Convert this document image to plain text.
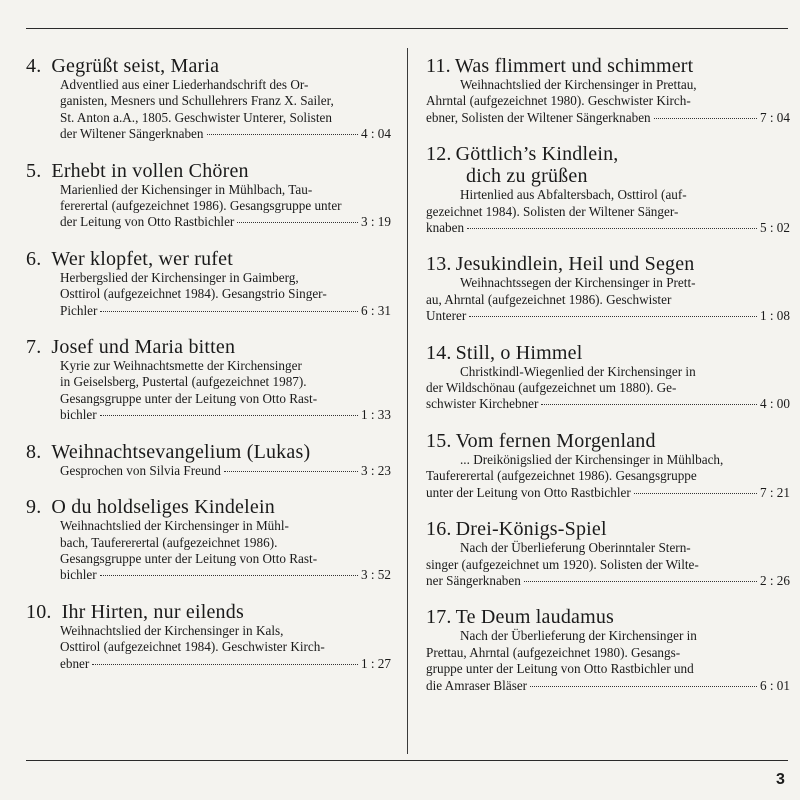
4. Gegrüßt seist, Maria
Adventlied aus einer Liederhandschrift des Or-
ganisten, Mesners und Schullehrers Franz X. Sailer,
St. Anton a.A., 1805. Geschwister Unterer, Solisten
der Wiltener Sängerknaben	4 : 04
5. Erhebt in vollen Chören
Marienlied der Kichensinger in Mühlbach, Tau-
fererertal (aufgezeichnet 1986). Gesangsgruppe unter
der Leitung von Otto Rastbichler	3 : 19
6. Wer klopfet, wer rufet
Herbergslied der Kirchensinger in Gaimberg,
Osttirol (aufgezeichnet 1984). Gesangstrio Singer-
Pichler	6 : 31
7. Josef und Maria bitten
Kyrie zur Weihnachtsmette der Kirchensinger
in Geiselsberg, Pustertal (aufgezeichnet 1987).
Gesangsgruppe unter der Leitung von Otto Rast-
bichler	1 : 33
8. Weihnachtsevangelium (Lukas)
Gesprochen von Silvia Freund	3 : 23
9. O du holdseliges Kindelein
Weihnachtslied der Kirchensinger in Mühl-
bach, Taufererertal (aufgezeichnet 1986).
Gesangsgruppe unter der Leitung von Otto Rast-
bichler	3 : 52
10. Ihr Hirten, nur eilends
Weihnachtslied der Kirchensinger in Kals,
Osttirol (aufgezeichnet 1984). Geschwister Kirch-
ebner	1 : 27
11. Was flimmert und schimmert
Weihnachtslied der Kirchensinger in Prettau,
Ahrntal (aufgezeichnet 1980). Geschwister Kirch-
ebner, Solisten der Wiltener Sängerknaben	7 : 04
12. Göttlich’s Kindlein,
dich zu grüßen
Hirtenlied aus Abfaltersbach, Osttirol (auf-
gezeichnet 1984). Solisten der Wiltener Sänger-
knaben	5 : 02
13. Jesukindlein, Heil und Segen
Weihnachtssegen der Kirchensinger in Prett-
au, Ahrntal (aufgezeichnet 1986). Geschwister
Unterer	1 : 08
14. Still, o Himmel
Christkindl-Wiegenlied der Kirchensinger in
der Wildschönau (aufgezeichnet um 1880). Ge-
schwister Kirchebner	4 : 00
15. Vom fernen Morgenland
... Dreikönigslied der Kirchensinger in Mühlbach,
Taufererertal (aufgezeichnet 1986). Gesangsgruppe
unter der Leitung von Otto Rastbichler	7 : 21
16. Drei-Königs-Spiel
Nach der Überlieferung Oberinntaler Stern-
singer (aufgezeichnet um 1920). Solisten der Wilte-
ner Sängerknaben	2 : 26
17. Te Deum laudamus
Nach der Überlieferung der Kirchensinger in
Prettau, Ahrntal (aufgezeichnet 1980). Gesangs-
gruppe unter der Leitung von Otto Rastbichler und
die Amraser Bläser	6 : 01
3
